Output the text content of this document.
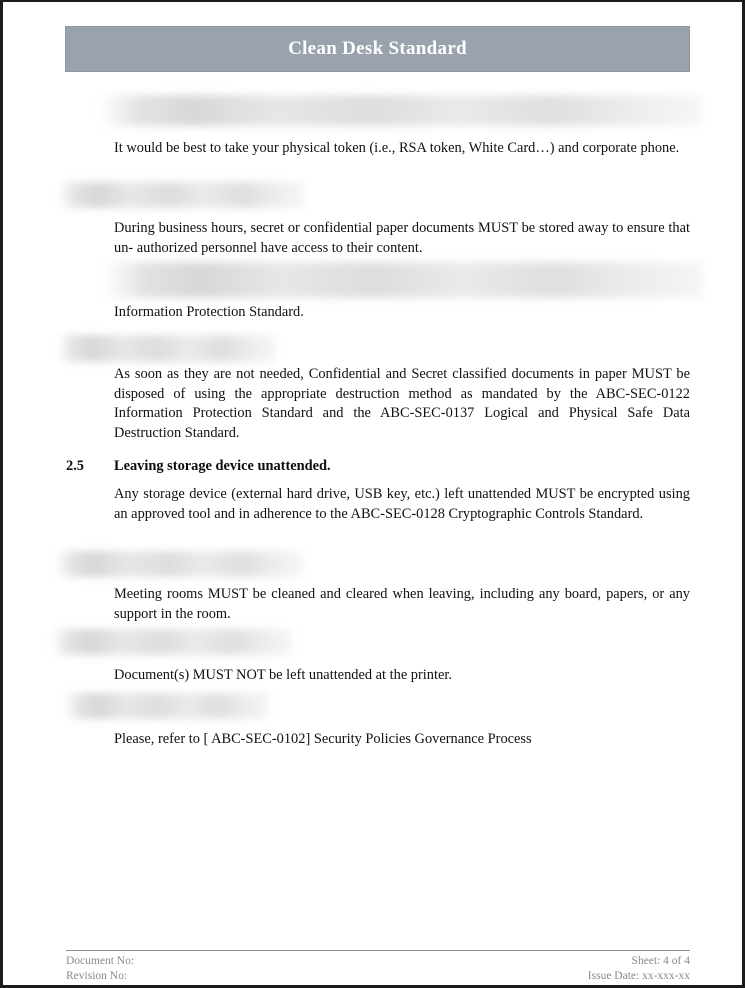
Clean Desk Standard
It would be best to take your physical token (i.e., RSA token, White Card…) and corporate phone.
During business hours, secret or confidential paper documents MUST be stored away to ensure that un- authorized personnel have access to their content.
Information Protection Standard.
As soon as they are not needed, Confidential and Secret classified documents in paper MUST be disposed of using the appropriate destruction method as mandated by the ABC-SEC-0122 Information Protection Standard and the ABC-SEC-0137 Logical and Physical Safe Data Destruction Standard.
2.5 Leaving storage device unattended.
Any storage device (external hard drive, USB key, etc.) left unattended MUST be encrypted using an approved tool and in adherence to the ABC-SEC-0128 Cryptographic Controls Standard.
Meeting rooms MUST be cleaned and cleared when leaving, including any board, papers, or any support in the room.
Document(s) MUST NOT be left unattended at the printer.
Please, refer to [ ABC-SEC-0102] Security Policies Governance Process
Document No:
Revision No:
Sheet: 4 of 4
Issue Date: xx-xxx-xx
